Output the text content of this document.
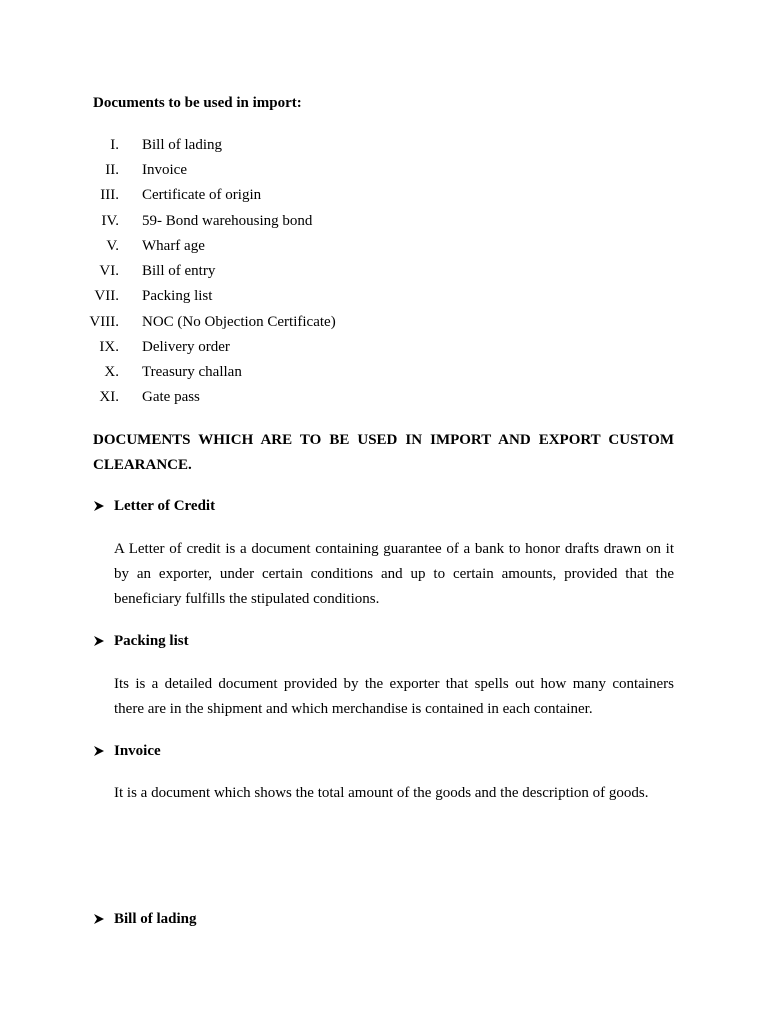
Documents to be used in import:
I. Bill of lading
II. Invoice
III. Certificate of origin
IV. 59- Bond warehousing bond
V. Wharf age
VI. Bill of entry
VII. Packing list
VIII. NOC (No Objection Certificate)
IX. Delivery order
X. Treasury challan
XI. Gate pass
DOCUMENTS WHICH ARE TO BE USED IN IMPORT AND EXPORT CUSTOM
CLEARANCE.
Letter of Credit
A Letter of credit is a document containing guarantee of a bank to honor drafts drawn on it
by an exporter, under certain conditions and up to certain amounts, provided that the
beneficiary fulfills the stipulated conditions.
Packing list
Its is a detailed document provided by the exporter that spells out how many containers
there are in the shipment and which merchandise is contained in each container.
Invoice
It is a document which shows the total amount of the goods and the description of goods.
Bill of lading
